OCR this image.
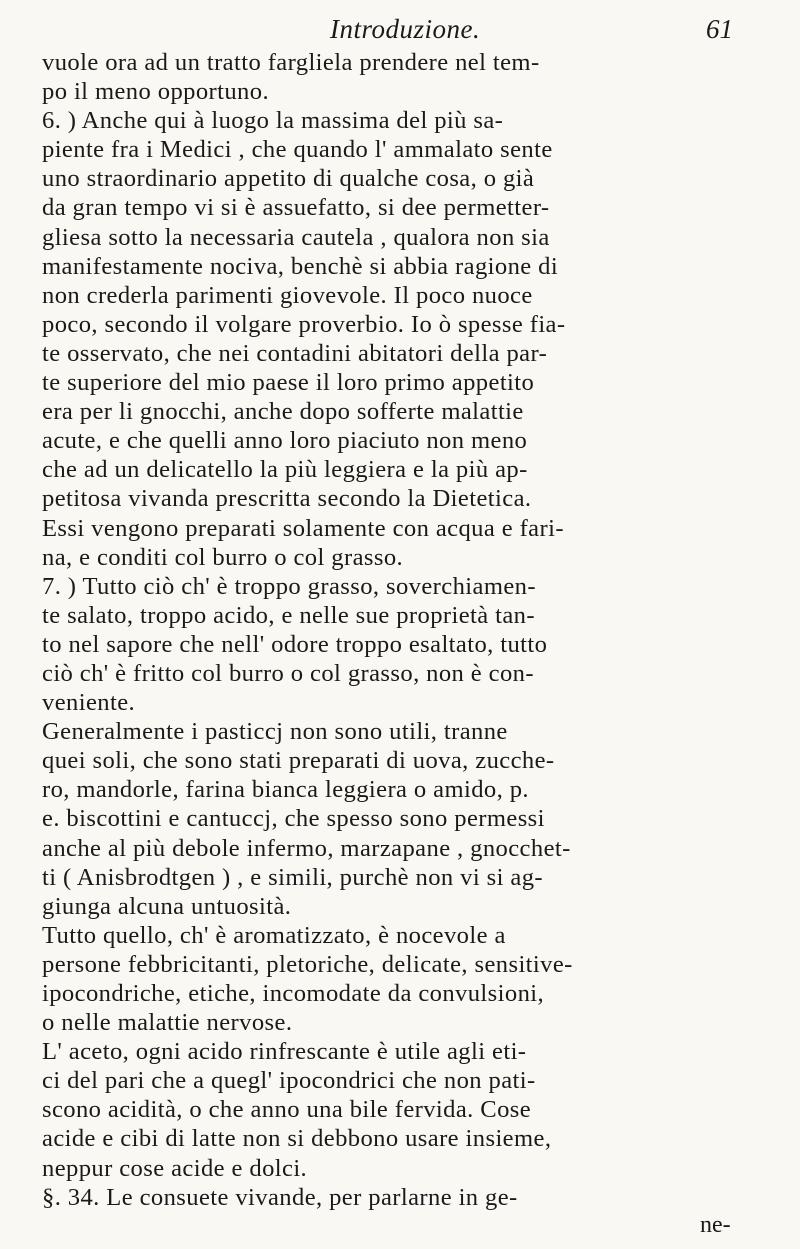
Introduzione.	61
vuole ora ad un tratto fargliela prendere nel tem-
po il meno opportuno.
6. ) Anche qui à luogo la massima del più sa-
piente fra i Medici , che quando l' ammalato sente
uno straordinario appetito di qualche cosa, o già
da gran tempo vi si è assuefatto, si dee permetter-
gliesa sotto la necessaria cautela , qualora non sia
manifestamente nociva, benchè si abbia ragione di
non crederla parimenti giovevole. Il poco nuoce
poco, secondo il volgare proverbio. Io ò spesse fia-
te osservato, che nei contadini abitatori della par-
te superiore del mio paese il loro primo appetito
era per li gnocchi, anche dopo sofferte malattie
acute, e che quelli anno loro piaciuto non meno
che ad un delicatello la più leggiera e la più ap-
petitosa vivanda prescritta secondo la Dietetica.
Essi vengono preparati solamente con acqua e fari-
na, e conditi col burro o col grasso.
7. ) Tutto ciò ch' è troppo grasso, soverchiamen-
te salato, troppo acido, e nelle sue proprietà tan-
to nel sapore che nell' odore troppo esaltato, tutto
ciò ch' è fritto col burro o col grasso, non è con-
veniente.
Generalmente i pasticcj non sono utili, tranne
quei soli, che sono stati preparati di uova, zucche-
ro, mandorle, farina bianca leggiera o amido, p.
e. biscottini e cantuccj, che spesso sono permessi
anche al più debole infermo, marzapane , gnocchet-
ti ( Anisbrodtgen ) , e simili, purchè non vi si ag-
giunga alcuna untuosità.
Tutto quello, ch' è aromatizzato, è nocevole a
persone febbricitanti, pletoriche, delicate, sensitive-
ipocondriche, etiche, incomodate da convulsioni,
o nelle malattie nervose.
L' aceto, ogni acido rinfrescante è utile agli eti-
ci del pari che a quegl' ipocondrici che non pati-
scono acidità, o che anno una bile fervida. Cose
acide e cibi di latte non si debbono usare insieme,
neppur cose acide e dolci.
§. 34. Le consuete vivande, per parlarne in ge-
ne-
